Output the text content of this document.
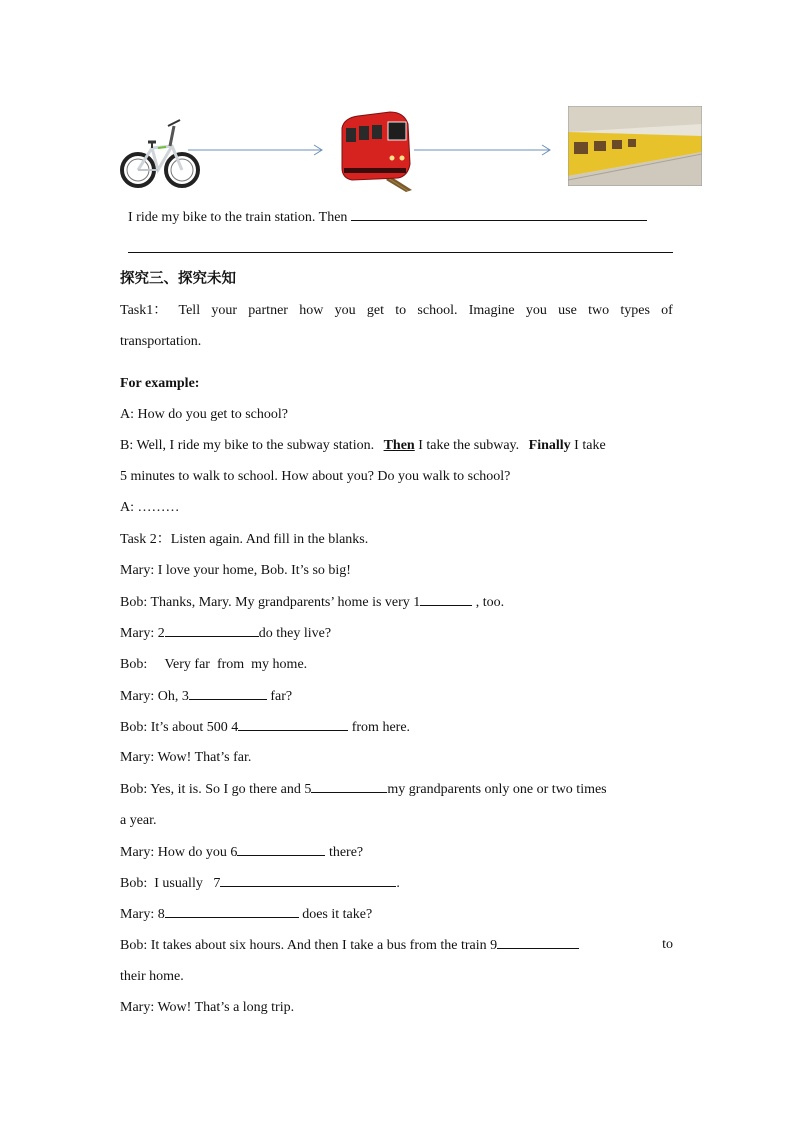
I ride my bike to the train station. Then
探究三、探究未知
Task1： Tell your partner how you get to school. Imagine you use two types of
transportation.
For example:
A: How do you get to school?
B: Well, I ride my bike to the subway station. Then I take the subway. Finally I take
5 minutes to walk to school. How about you? Do you walk to school?
A: ………
Task 2：Listen again. And fill in the blanks.
Mary: I love your home, Bob. It’s so big!
Bob: Thanks, Mary. My grandparents’ home is very 1	, too.
Mary: 2	do they live?
Bob:     Very far  from  my home.
Mary: Oh, 3	far?
Bob: It’s about 500 4	from here.
Mary: Wow! That’s far.
Bob: Yes, it is. So I go there and 5	my grandparents only one or two times
a year.
Mary: How do you 6	there?
Bob:  I usually   7	.
Mary: 8	does it take?
Bob: It takes about six hours. And then I take a bus from the train 9	to
their home.
Mary: Wow! That’s a long trip.
